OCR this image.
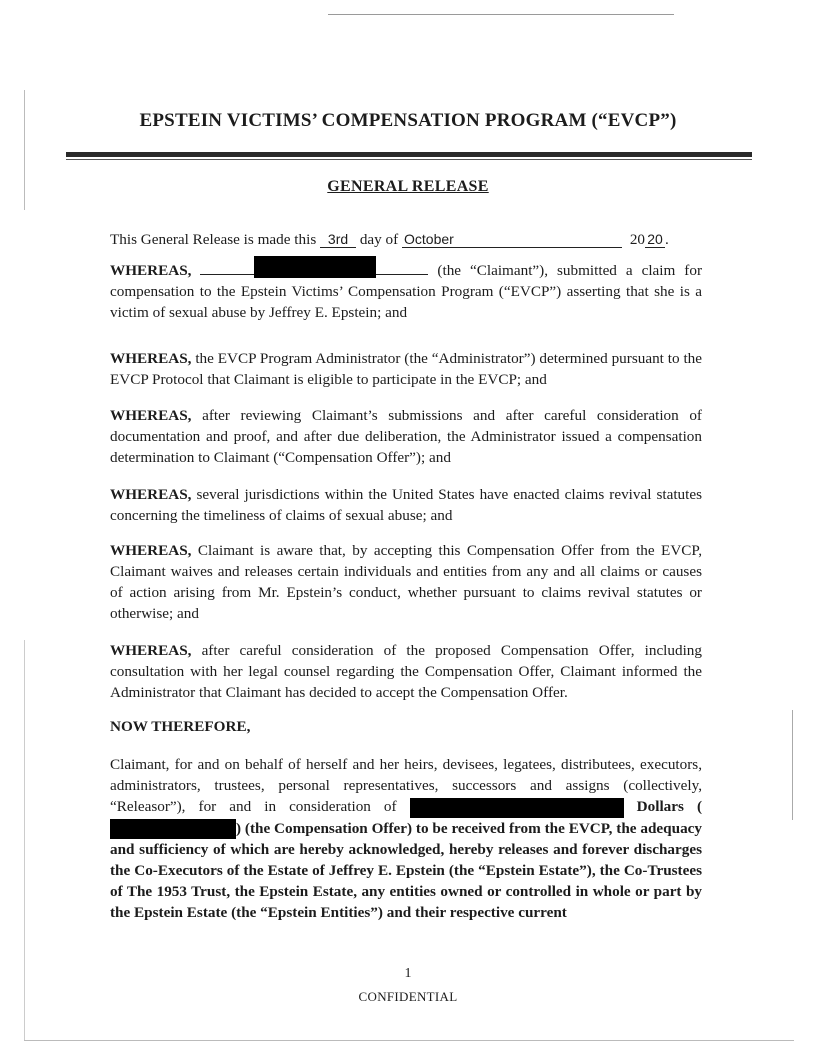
EPSTEIN VICTIMS’ COMPENSATION PROGRAM (“EVCP”)
GENERAL RELEASE
This General Release is made this 3rd day of October	20 20 .
WHEREAS,	(the “Claimant”), submitted a claim for compensation to the Epstein Victims’ Compensation Program (“EVCP”) asserting that she is a victim of sexual abuse by Jeffrey E. Epstein; and
WHEREAS, the EVCP Program Administrator (the “Administrator”) determined pursuant to the EVCP Protocol that Claimant is eligible to participate in the EVCP; and
WHEREAS, after reviewing Claimant’s submissions and after careful consideration of documentation and proof, and after due deliberation, the Administrator issued a compensation determination to Claimant (“Compensation Offer”); and
WHEREAS, several jurisdictions within the United States have enacted claims revival statutes concerning the timeliness of claims of sexual abuse; and
WHEREAS, Claimant is aware that, by accepting this Compensation Offer from the EVCP, Claimant waives and releases certain individuals and entities from any and all claims or causes of action arising from Mr. Epstein’s conduct, whether pursuant to claims revival statutes or otherwise; and
WHEREAS, after careful consideration of the proposed Compensation Offer, including consultation with her legal counsel regarding the Compensation Offer, Claimant informed the Administrator that Claimant has decided to accept the Compensation Offer.
NOW THEREFORE,
Claimant, for and on behalf of herself and her heirs, devisees, legatees, distributees, executors, administrators, trustees, personal representatives, successors and assigns (collectively, “Releasor”), for and in consideration of	Dollars () (the Compensation Offer) to be received from the EVCP, the adequacy and sufficiency of which are hereby acknowledged, hereby releases and forever discharges the Co-Executors of the Estate of Jeffrey E. Epstein (the “Epstein Estate”), the Co-Trustees of The 1953 Trust, the Epstein Estate, any entities owned or controlled in whole or part by the Epstein Estate (the “Epstein Entities”) and their respective current
1
CONFIDENTIAL
